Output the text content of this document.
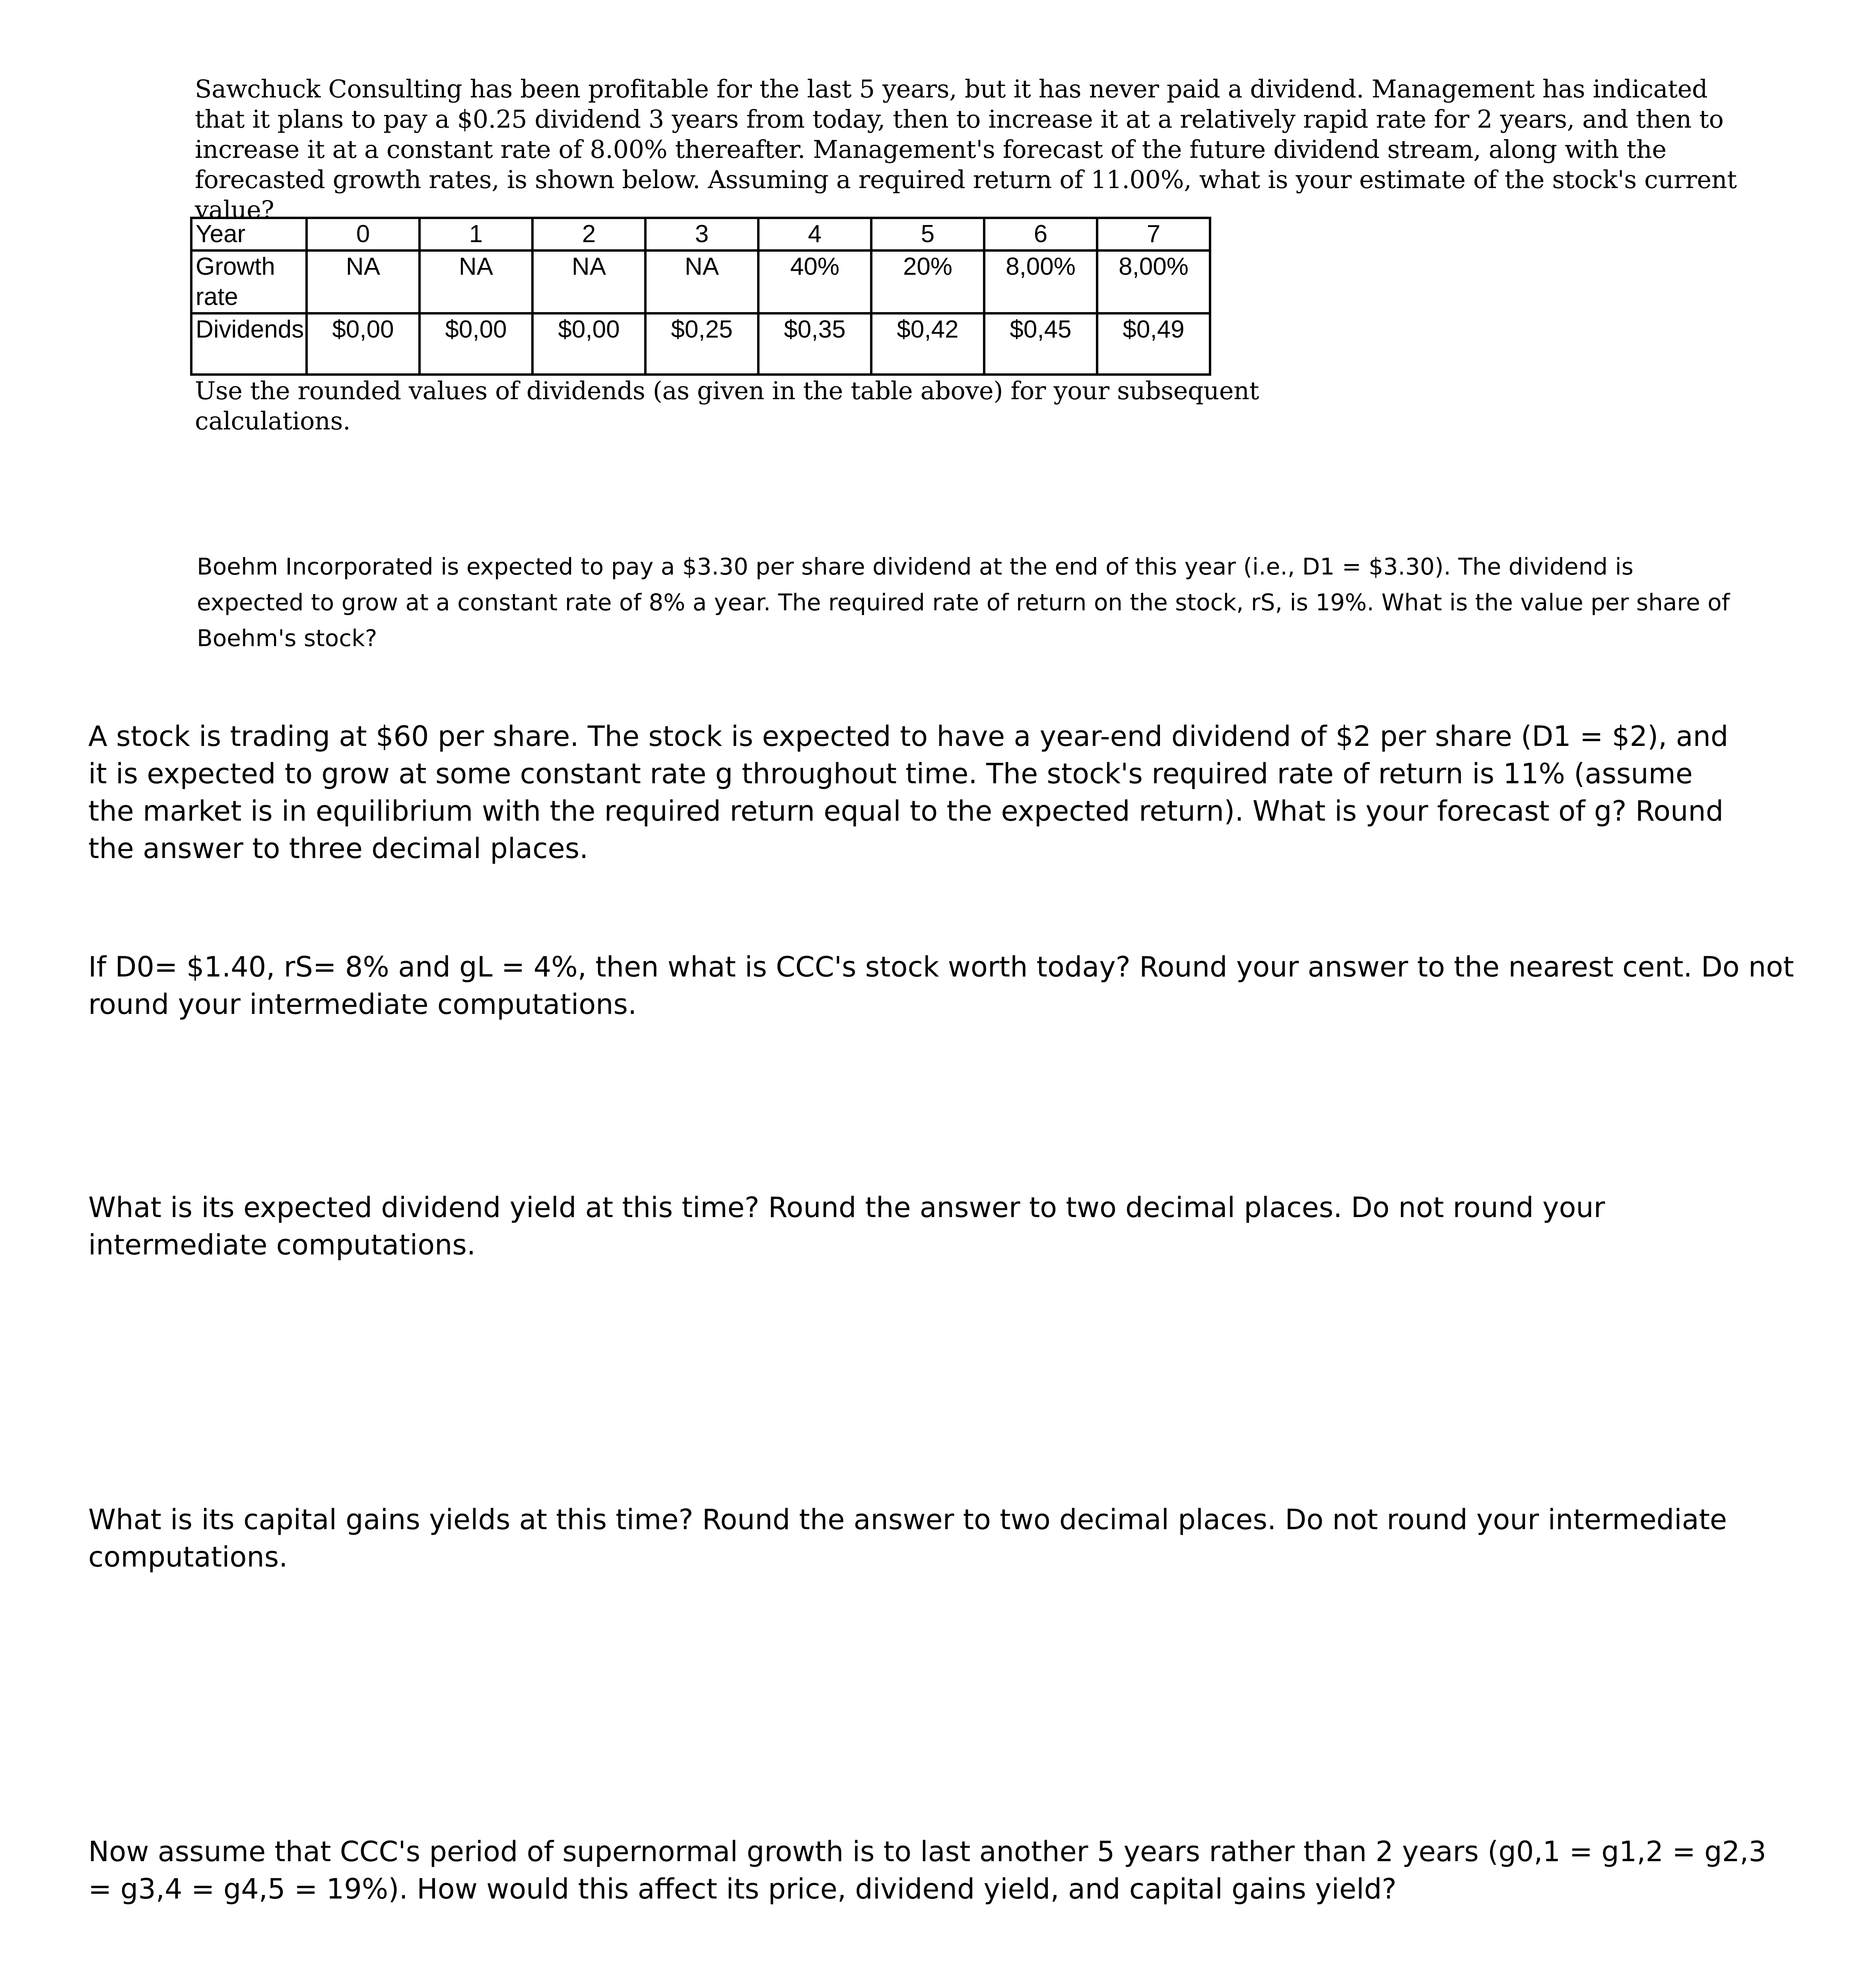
Sawchuck Consulting has been profitable for the last 5 years, but it has never paid a dividend. Management has indicated that it plans to pay a $0.25 dividend 3 years from today, then to increase it at a relatively rapid rate for 2 years, and then to increase it at a constant rate of 8.00% thereafter. Management's forecast of the future dividend stream, along with the forecasted growth rates, is shown below. Assuming a required return of 11.00%, what is your estimate of the stock's current value?
Year	0	1	2	3	4	5	6	7
Growth rate	NA	NA	NA	NA	40%	20%	8,00%	8,00%
Dividends	$0,00	$0,00	$0,00	$0,25	$0,35	$0,42	$0,45	$0,49
Use the rounded values of dividends (as given in the table above) for your subsequent calculations.
Boehm Incorporated is expected to pay a $3.30 per share dividend at the end of this year (i.e., D1 = $3.30). The dividend is expected to grow at a constant rate of 8% a year. The required rate of return on the stock, rS, is 19%. What is the value per share of Boehm's stock?
A stock is trading at $60 per share. The stock is expected to have a year-end dividend of $2 per share (D1 = $2), and it is expected to grow at some constant rate g throughout time. The stock's required rate of return is 11% (assume the market is in equilibrium with the required return equal to the expected return). What is your forecast of g? Round the answer to three decimal places.
If D0= $1.40, rS= 8% and gL = 4%, then what is CCC's stock worth today? Round your answer to the nearest cent. Do not round your intermediate computations.
What is its expected dividend yield at this time? Round the answer to two decimal places. Do not round your intermediate computations.
What is its capital gains yields at this time? Round the answer to two decimal places. Do not round your intermediate computations.
Now assume that CCC's period of supernormal growth is to last another 5 years rather than 2 years (g0,1 = g1,2 = g2,3 = g3,4 = g4,5 = 19%). How would this affect its price, dividend yield, and capital gains yield?
